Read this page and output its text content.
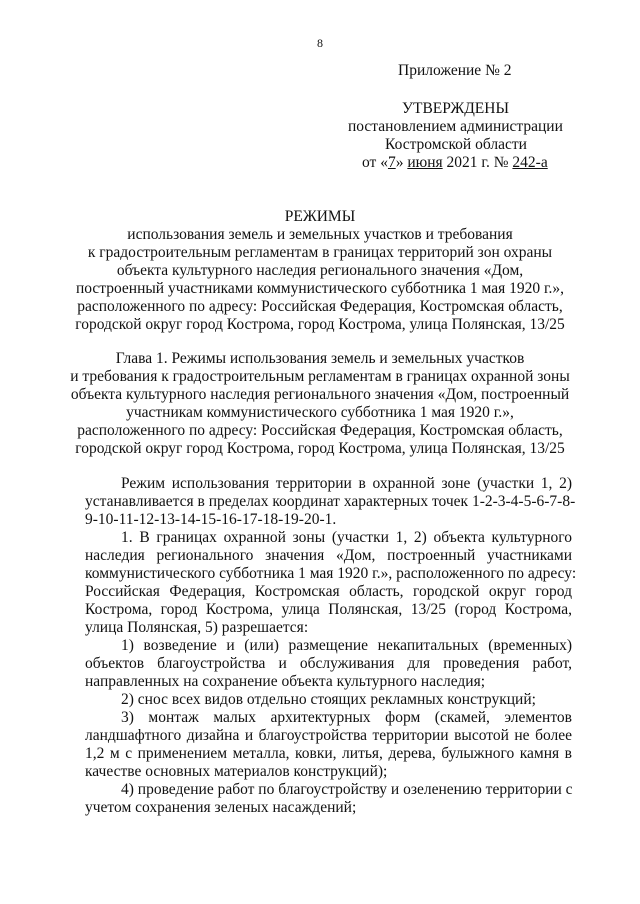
8
Приложение № 2
УТВЕРЖДЕНЫ
постановлением администрации
Костромской области
от «7» июня 2021 г. № 242-а
РЕЖИМЫ
использования земель и земельных участков и требования
к градостроительным регламентам в границах территорий зон охраны
объекта культурного наследия регионального значения «Дом,
построенный участниками коммунистического субботника 1 мая 1920 г.»,
расположенного по адресу: Российская Федерация, Костромская область,
городской округ город Кострома, город Кострома, улица Полянская, 13/25
Глава 1. Режимы использования земель и земельных участков
и требования к градостроительным регламентам в границах охранной зоны
объекта культурного наследия регионального значения «Дом, построенный
участникам коммунистического субботника 1 мая 1920 г.»,
расположенного по адресу: Российская Федерация, Костромская область,
городской округ город Кострома, город Кострома, улица Полянская, 13/25
Режим использования территории в охранной зоне (участки 1, 2)
устанавливается в пределах координат характерных точек 1-2-3-4-5-6-7-8-
9-10-11-12-13-14-15-16-17-18-19-20-1.
1. В границах охранной зоны (участки 1, 2) объекта культурного
наследия регионального значения «Дом, построенный участниками
коммунистического субботника 1 мая 1920 г.», расположенного по адресу:
Российская Федерация, Костромская область, городской округ город
Кострома, город Кострома, улица Полянская, 13/25 (город Кострома,
улица Полянская, 5) разрешается:
1) возведение и (или) размещение некапитальных (временных)
объектов благоустройства и обслуживания для проведения работ,
направленных на сохранение объекта культурного наследия;
2) снос всех видов отдельно стоящих рекламных конструкций;
3) монтаж малых архитектурных форм (скамей, элементов
ландшафтного дизайна и благоустройства территории высотой не более
1,2 м с применением металла, ковки, литья, дерева, булыжного камня в
качестве основных материалов конструкций);
4) проведение работ по благоустройству и озеленению территории с
учетом сохранения зеленых насаждений;
